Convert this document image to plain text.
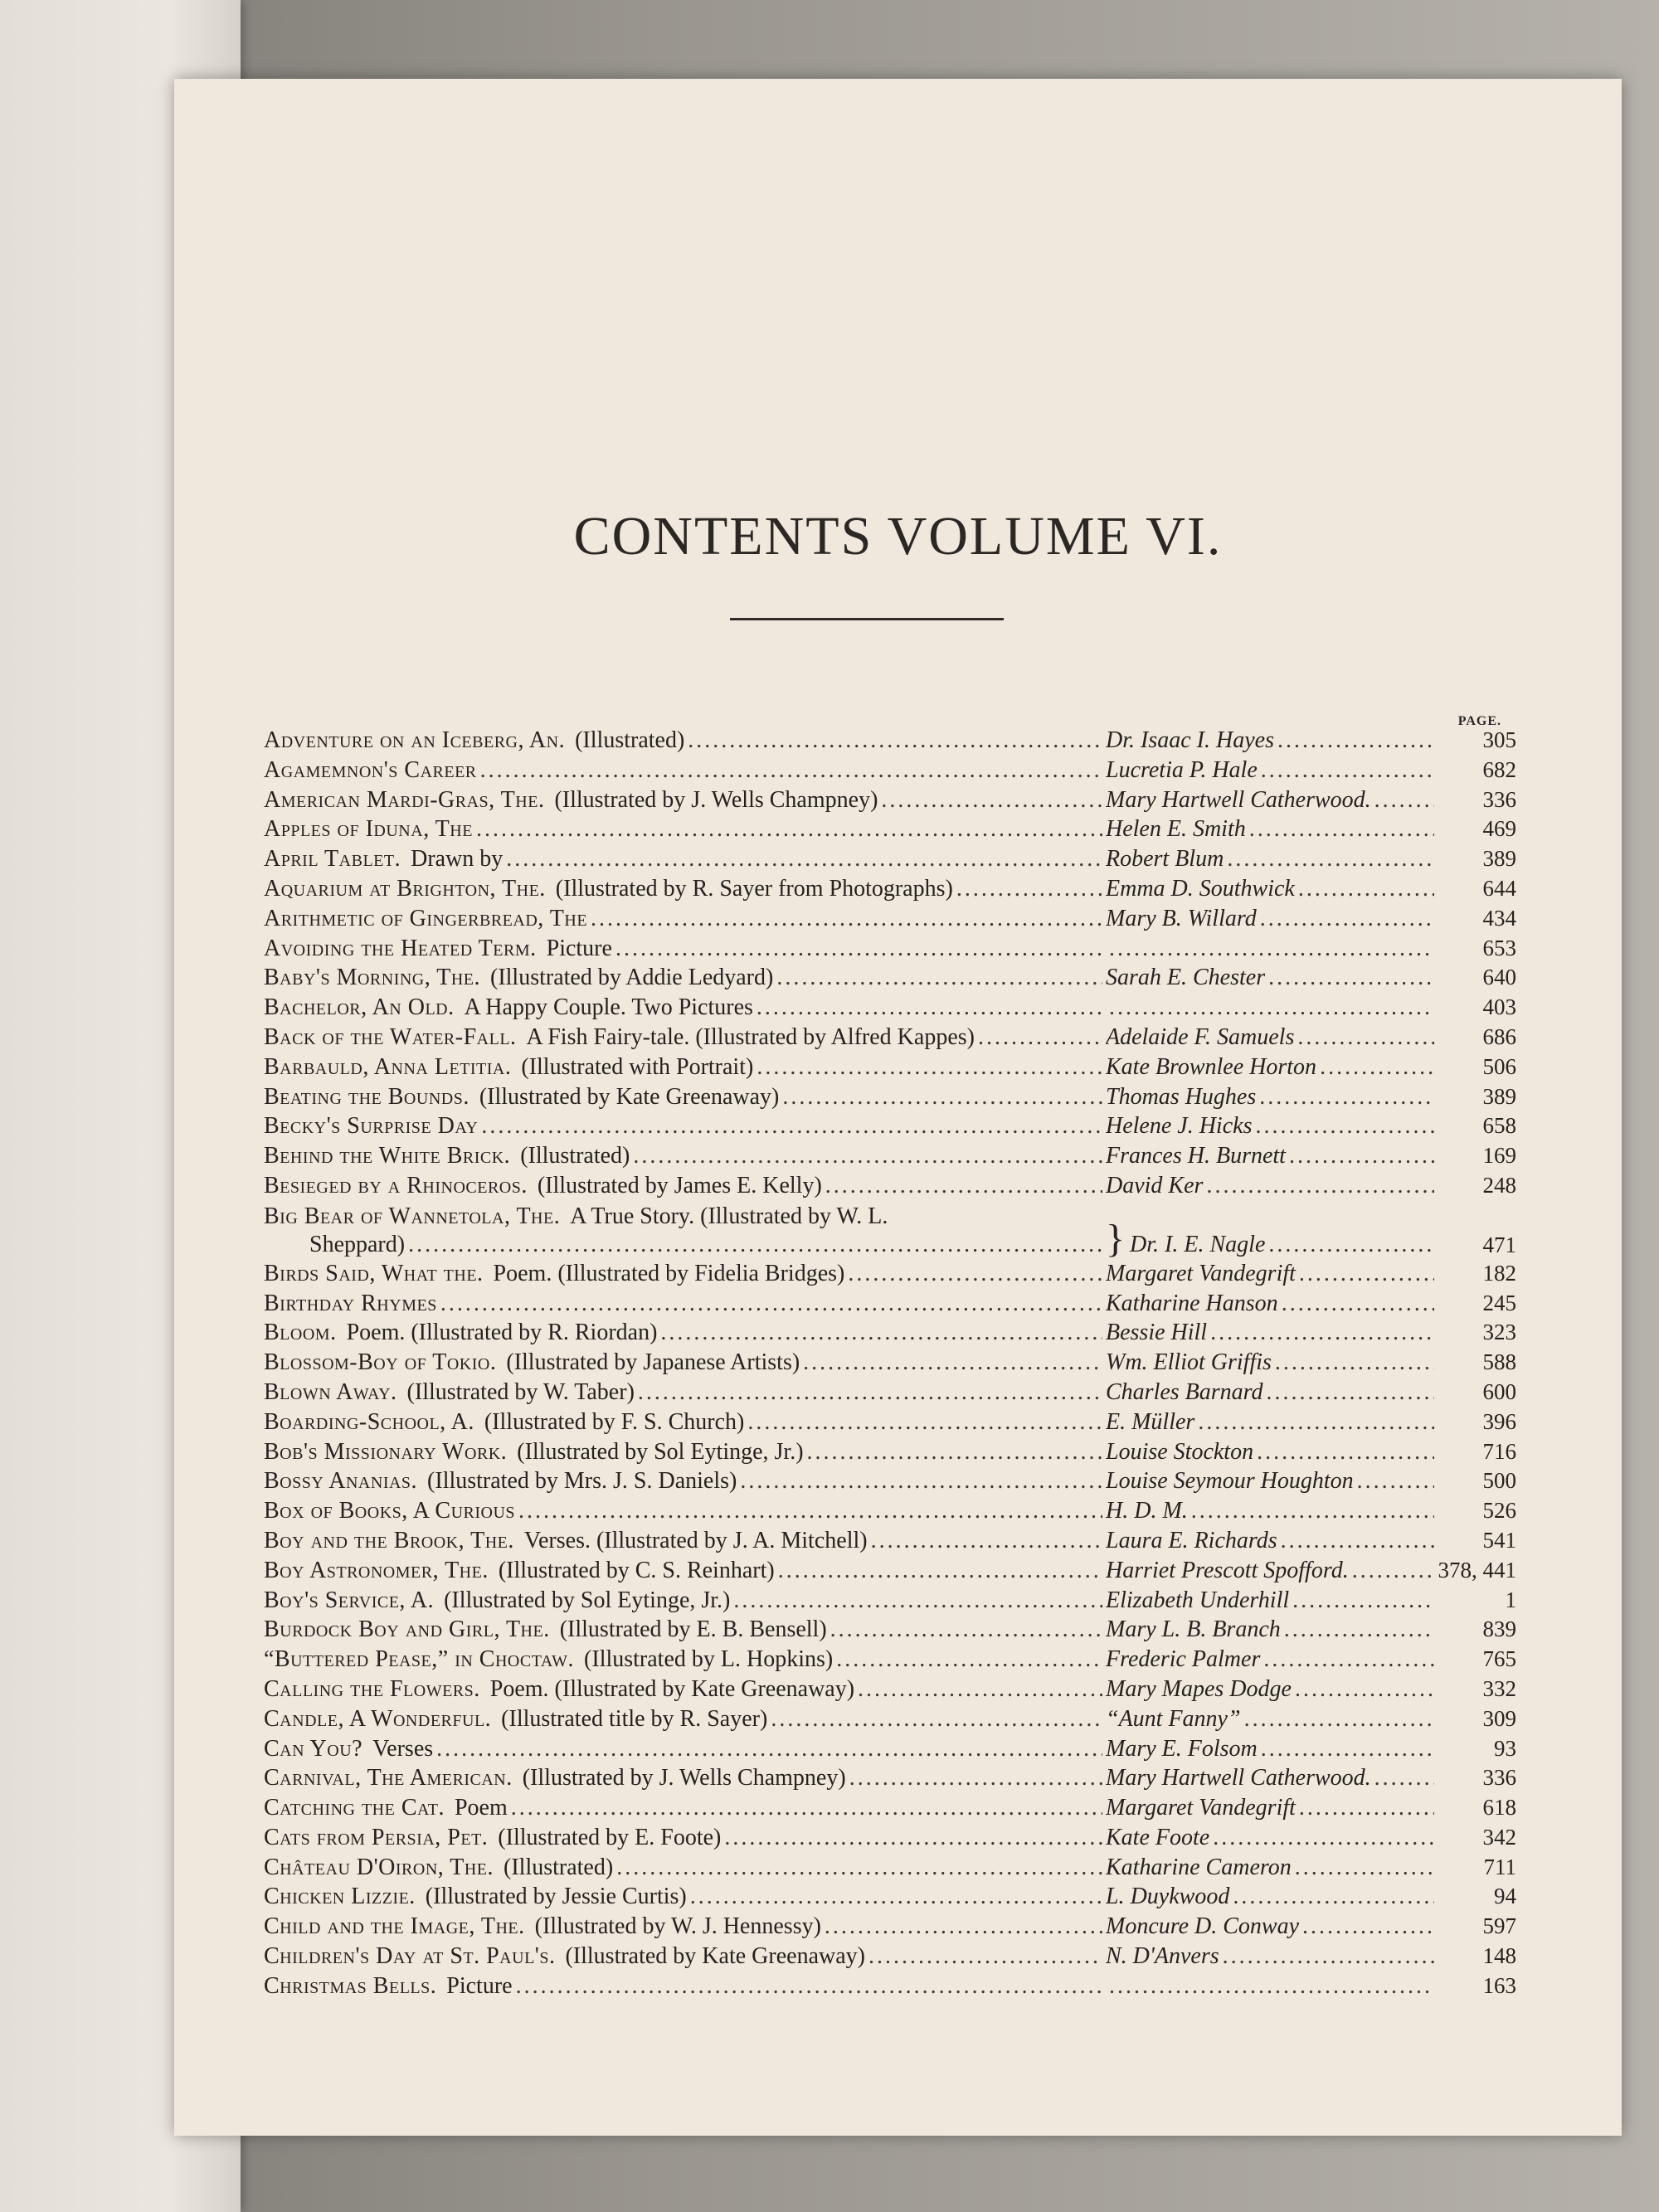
CONTENTS VOLUME VI.
PAGE.
Adventure on an Iceberg, An. (Illustrated) .....	Dr. Isaac I. Hayes .....	305
Agamemnon's Career .....	Lucretia P. Hale .....	682
American Mardi-Gras, The. (Illustrated by J. Wells Champney) .....	Mary Hartwell Catherwood. .....	336
Apples of Iduna, The .....	Helen E. Smith .....	469
April Tablet. Drawn by .....	Robert Blum .....	389
Aquarium at Brighton, The. (Illustrated by R. Sayer from Photographs) .....	Emma D. Southwick .....	644
Arithmetic of Gingerbread, The .....	Mary B. Willard .....	434
Avoiding the Heated Term. Picture ..... .....	653
Baby's Morning, The. (Illustrated by Addie Ledyard) .....	Sarah E. Chester .....	640
Bachelor, An Old. A Happy Couple. Two Pictures ..... .....	403
Back of the Water-Fall. A Fish Fairy-tale. (Illustrated by Alfred Kappes) .....	Adelaide F. Samuels .....	686
Barbauld, Anna Letitia. (Illustrated with Portrait) .....	Kate Brownlee Horton .....	506
Beating the Bounds. (Illustrated by Kate Greenaway) .....	Thomas Hughes .....	389
Becky's Surprise Day .....	Helene J. Hicks .....	658
Behind the White Brick. (Illustrated) .....	Frances H. Burnett .....	169
Besieged by a Rhinoceros. (Illustrated by James E. Kelly) .....	David Ker .....	248
Big Bear of Wannetola, The. A True Story. (Illustrated by W. L.
Sheppard) .....	} Dr. I. E. Nagle .....	471
Birds Said, What the. Poem. (Illustrated by Fidelia Bridges) .....	Margaret Vandegrift .....	182
Birthday Rhymes .....	Katharine Hanson .....	245
Bloom. Poem. (Illustrated by R. Riordan) .....	Bessie Hill .....	323
Blossom-Boy of Tokio. (Illustrated by Japanese Artists) .....	Wm. Elliot Griffis .....	588
Blown Away. (Illustrated by W. Taber) .....	Charles Barnard .....	600
Boarding-School, A. (Illustrated by F. S. Church) .....	E. Müller .....	396
Bob's Missionary Work. (Illustrated by Sol Eytinge, Jr.) .....	Louise Stockton .....	716
Bossy Ananias. (Illustrated by Mrs. J. S. Daniels) .....	Louise Seymour Houghton .....	500
Box of Books, A Curious .....	H. D. M. .....	526
Boy and the Brook, The. Verses. (Illustrated by J. A. Mitchell) .....	Laura E. Richards .....	541
Boy Astronomer, The. (Illustrated by C. S. Reinhart) .....	Harriet Prescott Spofford. .....	378, 441
Boy's Service, A. (Illustrated by Sol Eytinge, Jr.) .....	Elizabeth Underhill .....	1
Burdock Boy and Girl, The. (Illustrated by E. B. Bensell) .....	Mary L. B. Branch .....	839
“Buttered Pease,” in Choctaw. (Illustrated by L. Hopkins) .....	Frederic Palmer .....	765
Calling the Flowers. Poem. (Illustrated by Kate Greenaway) .....	Mary Mapes Dodge .....	332
Candle, A Wonderful. (Illustrated title by R. Sayer) .....	“Aunt Fanny” .....	309
Can You? Verses .....	Mary E. Folsom .....	93
Carnival, The American. (Illustrated by J. Wells Champney) .....	Mary Hartwell Catherwood. .....	336
Catching the Cat. Poem .....	Margaret Vandegrift .....	618
Cats from Persia, Pet. (Illustrated by E. Foote) .....	Kate Foote .....	342
Château D'Oiron, The. (Illustrated) .....	Katharine Cameron .....	711
Chicken Lizzie. (Illustrated by Jessie Curtis) .....	L. Duykwood .....	94
Child and the Image, The. (Illustrated by W. J. Hennessy) .....	Moncure D. Conway .....	597
Children's Day at St. Paul's. (Illustrated by Kate Greenaway) .....	N. D'Anvers .....	148
Christmas Bells. Picture ..... .....	163
